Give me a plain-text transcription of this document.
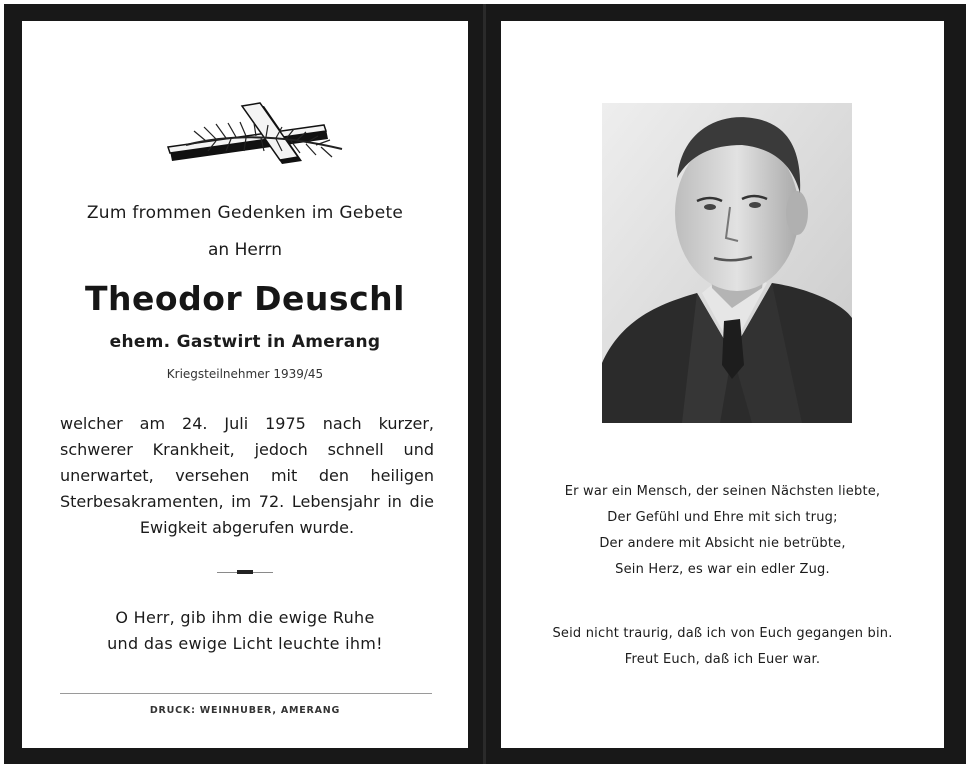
Zum frommen Gedenken im Gebete
an Herrn
Theodor Deuschl
ehem. Gastwirt in Amerang
Kriegsteilnehmer 1939/45
welcher am 24. Juli 1975 nach kurzer, schwerer Krankheit, jedoch schnell und unerwartet, versehen mit den heiligen Sterbesakramenten, im 72. Lebensjahr in die Ewigkeit abgerufen wurde.
O Herr, gib ihm die ewige Ruhe
und das ewige Licht leuchte ihm!
DRUCK: WEINHUBER, AMERANG
Er war ein Mensch, der seinen Nächsten liebte,
Der Gefühl und Ehre mit sich trug;
Der andere mit Absicht nie betrübte,
Sein Herz, es war ein edler Zug.
Seid nicht traurig, daß ich von Euch gegangen bin.
Freut Euch, daß ich Euer war.
